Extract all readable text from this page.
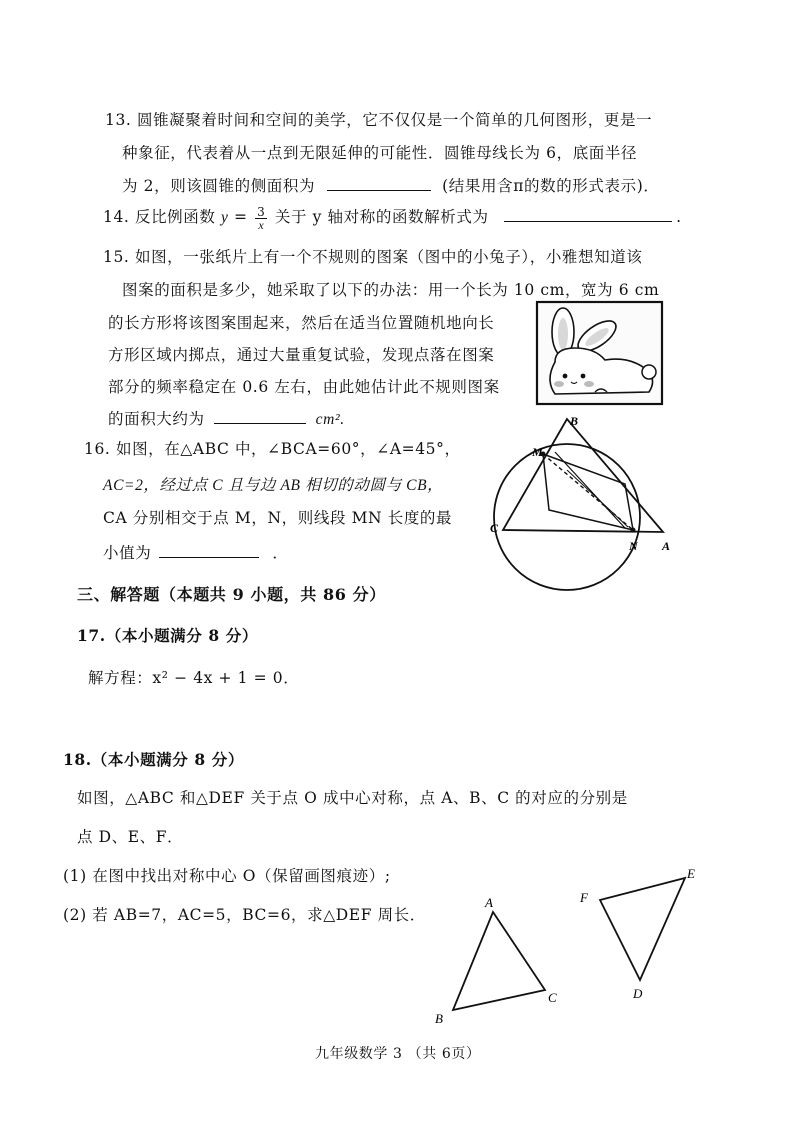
13. 圆锥凝聚着时间和空间的美学，它不仅仅是一个简单的几何图形，更是一
种象征，代表着从一点到无限延伸的可能性．圆锥母线长为 6，底面半径
为 2，则该圆锥的侧面积为	(结果用含π的数的形式表示)．
14. 反比例函数 $y = \frac{3}{x}$ 关于 y 轴对称的函数解析式为	.
15. 如图，一张纸片上有一个不规则的图案（图中的小兔子），小雅想知道该
图案的面积是多少，她采取了以下的办法：用一个长为 10 cm，宽为 6 cm
的长方形将该图案围起来，然后在适当位置随机地向长
方形区域内掷点，通过大量重复试验，发现点落在图案
部分的频率稳定在 0.6 左右，由此她估计此不规则图案
的面积大约为	cm².
16. 如图，在△ABC 中，∠BCA=60°，∠A=45°，
AC=2，经过点 C 且与边 AB 相切的动圆与 CB，
CA 分别相交于点 M，N，则线段 MN 长度的最
小值为	．
B
M
C
N A
三、解答题（本题共 9 小题，共 86 分）
17.（本小题满分 8 分）
解方程：x² − 4x + 1 = 0．
18.（本小题满分 8 分）
如图，△ABC 和△DEF 关于点 O 成中心对称，点 A、B、C 的对应的分别是
点 D、E、F．
(1) 在图中找出对称中心 O（保留画图痕迹）;
(2) 若 AB=7，AC=5，BC=6，求△DEF 周长．
A
B
C
F
E
D
九年级数学 3 （共 6页）
